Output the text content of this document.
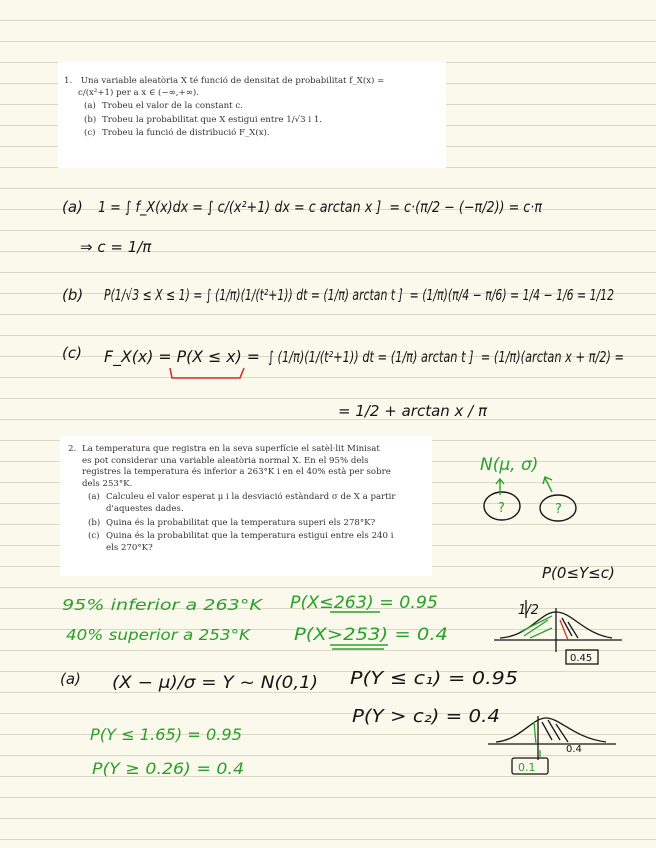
1. Una variable aleatòria X té funció de densitat de probabilitat f_X(x) =
c/(x²+1) per a x ∈ (−∞,+∞).
(a) Trobeu el valor de la constant c.
(b) Trobeu la probabilitat que X estigui entre 1/√3 i 1.
(c) Trobeu la funció de distribució F_X(x).
2. La temperatura que registra en la seva superfície el satèl·lit Minisat
es pot considerar una variable aleatòria normal X. En el 95% dels
registres la temperatura és inferior a 263°K i en el 40% està per sobre
dels 253°K.
(a) Calculeu el valor esperat μ i la desviació estàndard σ de X a partir
d'aquestes dades.
(b) Quina és la probabilitat que la temperatura superi els 278°K?
(c) Quina és la probabilitat que la temperatura estigui entre els 240 i
els 270°K?
(a) 1 = ∫ f_X(x)dx = ∫ c/(x²+1) dx = c arctan x ]  = c·(π/2 − (−π/2)) = c·π
⇒ c = 1/π
(b) P(1/√3 ≤ X ≤ 1) = ∫ (1/π)(1/(t²+1)) dt = (1/π) arctan t ]  = (1/π)(π/4 − π/6) = 1/4 − 1/6 = 1/12
(c) F_X(x) = P(X ≤ x) = ∫ (1/π)(1/(t²+1)) dt = (1/π) arctan t ]  = (1/π)(arctan x + π/2) =
= 1/2 + arctan x / π
(a) (X − μ)/σ = Y ~ N(0,1) P(Y ≤ c₁) = 0.95
P(Y > c₂) = 0.4
P(0≤Y≤c)
N(μ, σ)
95% inferior a 263°K
40% superior a 253°K
P(X≤263) = 0.95
P(X>253) = 0.4
P(Y ≤ 1.65) = 0.95
P(Y ≥ 0.26) = 0.4
?	?
1/2
0.45
0.4
0.1
